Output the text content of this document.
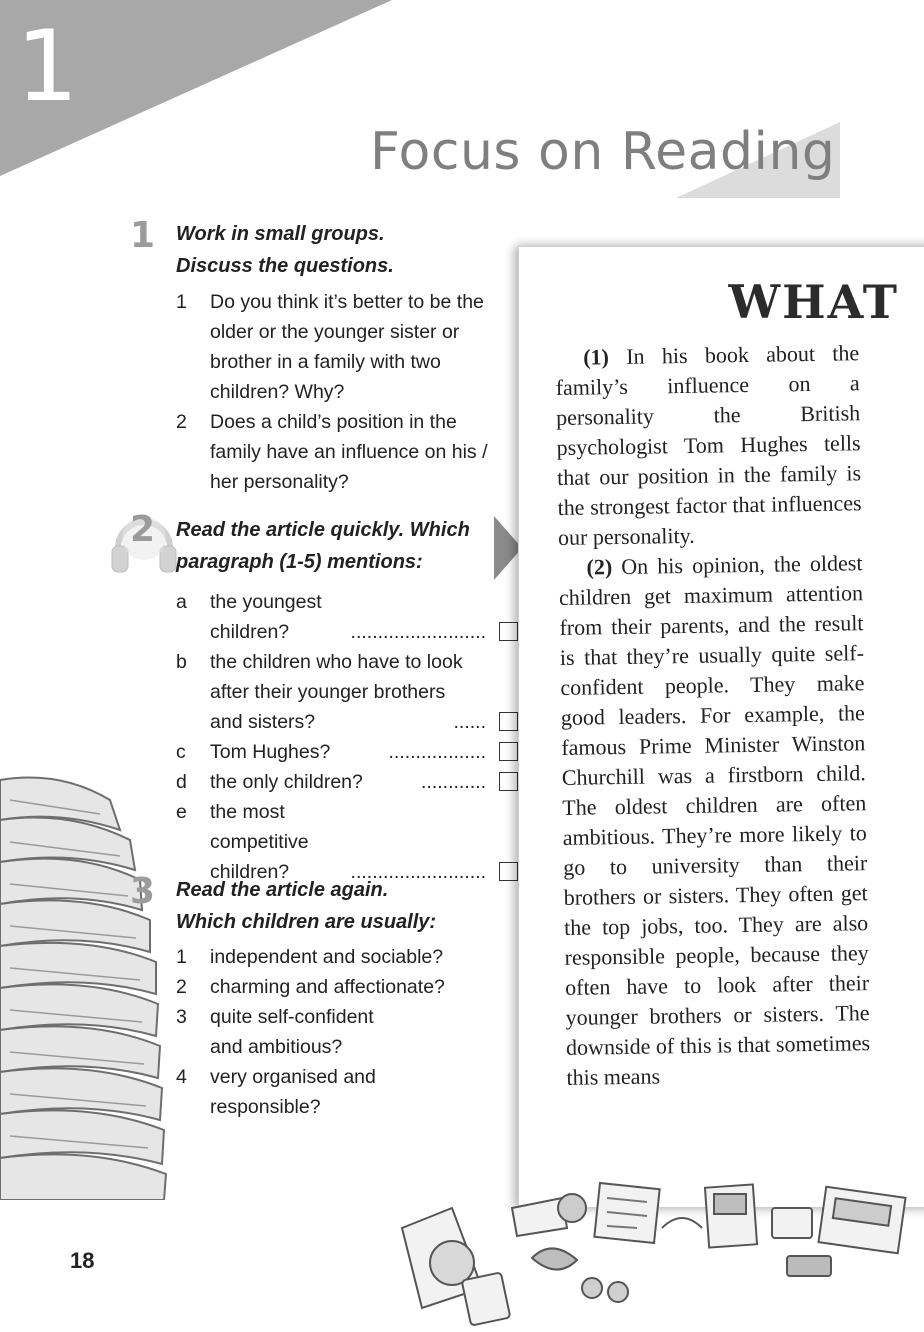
1
Focus on Reading
1 Work in small groups.
Discuss the questions.
1 Do you think it’s better to be the older or the younger sister or brother in a family with two children? Why?
2 Does a child’s position in the family have an influence on his / her personality?
2 Read the article quickly. Which
paragraph (1-5) mentions:
a the youngest children?	.........................
b the children who have to look after their younger brothers and sisters?	......
c Tom Hughes?	..................
d the only children?	............
e the most competitive children?	.........................
3 Read the article again.
Which children are usually:
1 independent and sociable?
2 charming and affectionate?
3 quite self-confident and ambitious?
4 very organised and responsible?
WHAT

(1) In his book about the family’s influence on a personality the British psychologist Tom Hughes tells that our position in the family is the strongest factor that influences our personality.

(2) On his opinion, the oldest children get maximum attention from their parents, and the result is that they’re usually quite self-confident people. They make good leaders. For example, the famous Prime Minister Winston Churchill was a firstborn child. The oldest children are often ambitious. They’re more likely to go to university than their brothers or sisters. They often get the top jobs, too. They are also responsible people, because they often have to look after their younger brothers or sisters. The downside of this is that sometimes this means

18
